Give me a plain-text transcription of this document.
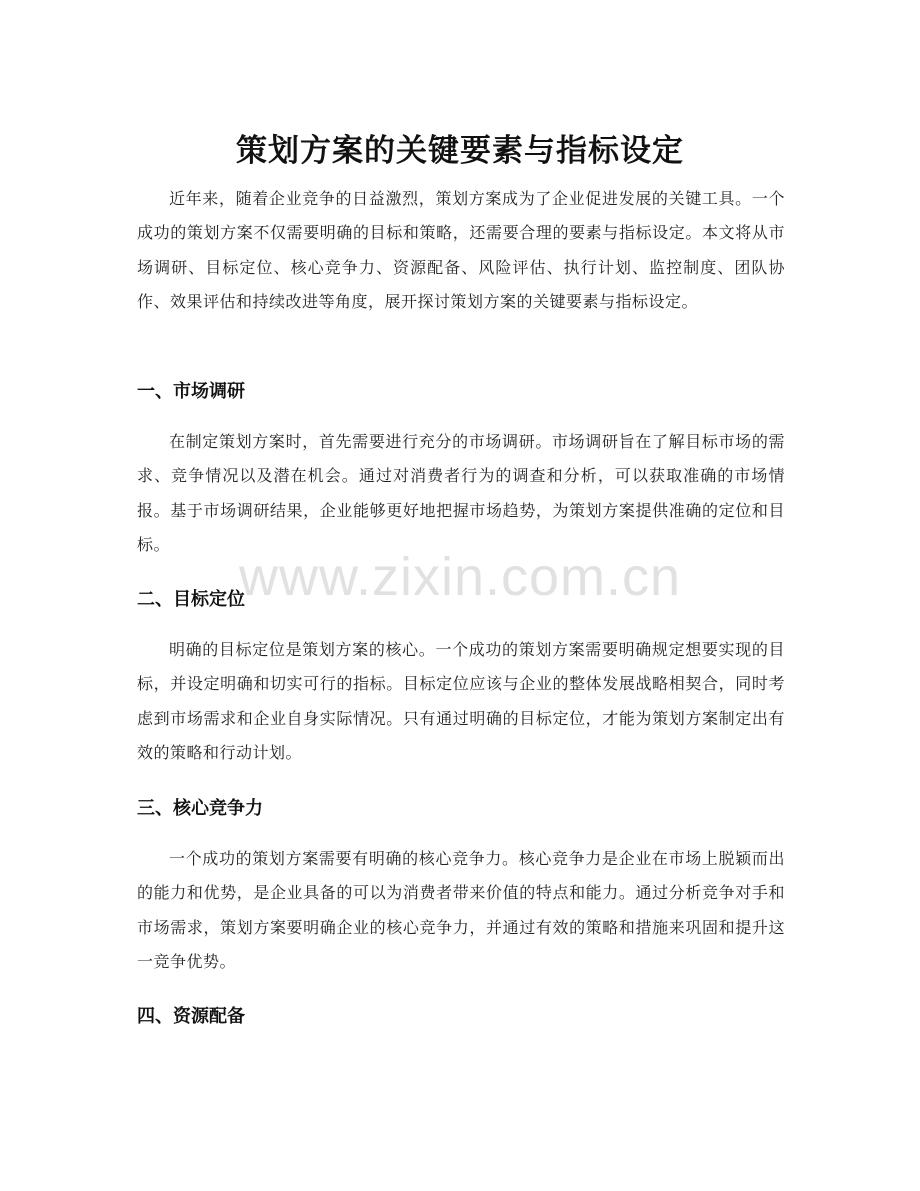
策划方案的关键要素与指标设定

近年来，随着企业竞争的日益激烈，策划方案成为了企业促进发展的关键工具。一个成功的策划方案不仅需要明确的目标和策略，还需要合理的要素与指标设定。本文将从市场调研、目标定位、核心竞争力、资源配备、风险评估、执行计划、监控制度、团队协作、效果评估和持续改进等角度，展开探讨策划方案的关键要素与指标设定。

一、市场调研

在制定策划方案时，首先需要进行充分的市场调研。市场调研旨在了解目标市场的需求、竞争情况以及潜在机会。通过对消费者行为的调查和分析，可以获取准确的市场情报。基于市场调研结果，企业能够更好地把握市场趋势，为策划方案提供准确的定位和目标。

二、目标定位

明确的目标定位是策划方案的核心。一个成功的策划方案需要明确规定想要实现的目标，并设定明确和切实可行的指标。目标定位应该与企业的整体发展战略相契合，同时考虑到市场需求和企业自身实际情况。只有通过明确的目标定位，才能为策划方案制定出有效的策略和行动计划。

三、核心竞争力

一个成功的策划方案需要有明确的核心竞争力。核心竞争力是企业在市场上脱颖而出的能力和优势，是企业具备的可以为消费者带来价值的特点和能力。通过分析竞争对手和市场需求，策划方案要明确企业的核心竞争力，并通过有效的策略和措施来巩固和提升这一竞争优势。

四、资源配备
www.zixin.com.cn
